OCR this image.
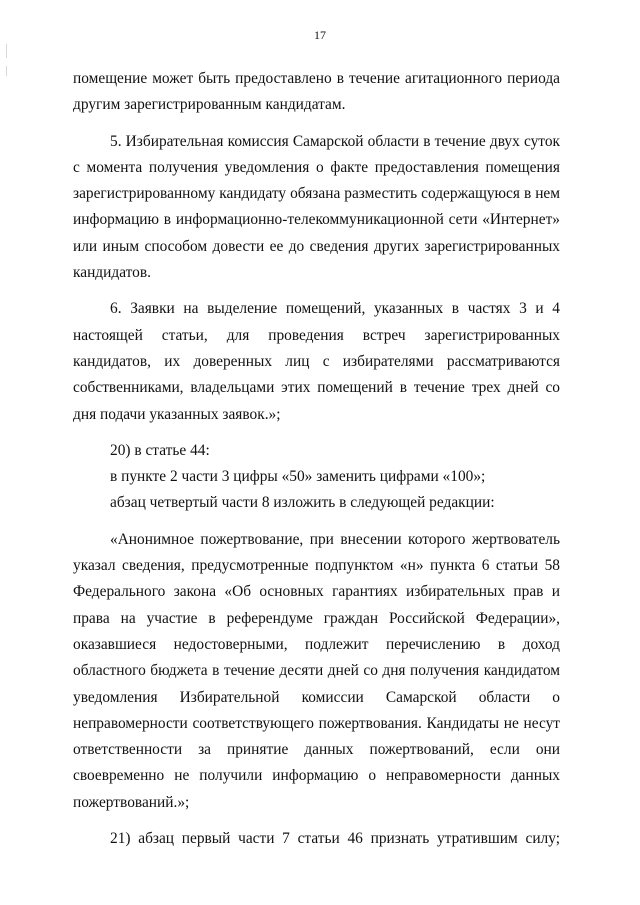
17

помещение может быть предоставлено в течение агитационного периода другим зарегистрированным кандидатам.

5. Избирательная комиссия Самарской области в течение двух суток с момента получения уведомления о факте предоставления помещения зарегистрированному кандидату обязана разместить содержащуюся в нем информацию в информационно-телекоммуникационной сети «Интернет» или иным способом довести ее до сведения других зарегистрированных кандидатов.

6. Заявки на выделение помещений, указанных в частях 3 и 4 настоящей статьи, для проведения встреч зарегистрированных кандидатов, их доверенных лиц с избирателями рассматриваются собственниками, владельцами этих помещений в течение трех дней со дня подачи указанных заявок.»;

20) в статье 44:

в пункте 2 части 3 цифры «50» заменить цифрами «100»;

абзац четвертый части 8 изложить в следующей редакции:

«Анонимное пожертвование, при внесении которого жертвователь указал сведения, предусмотренные подпунктом «н» пункта 6 статьи 58 Федерального закона «Об основных гарантиях избирательных прав и права на участие в референдуме граждан Российской Федерации», оказавшиеся недостоверными, подлежит перечислению в доход областного бюджета в течение десяти дней со дня получения кандидатом уведомления Избирательной комиссии Самарской области о неправомерности соответствующего пожертвования. Кандидаты не несут ответственности за принятие данных пожертвований, если они своевременно не получили информацию о неправомерности данных пожертвований.»;

21) абзац первый части 7 статьи 46 признать утратившим силу;
